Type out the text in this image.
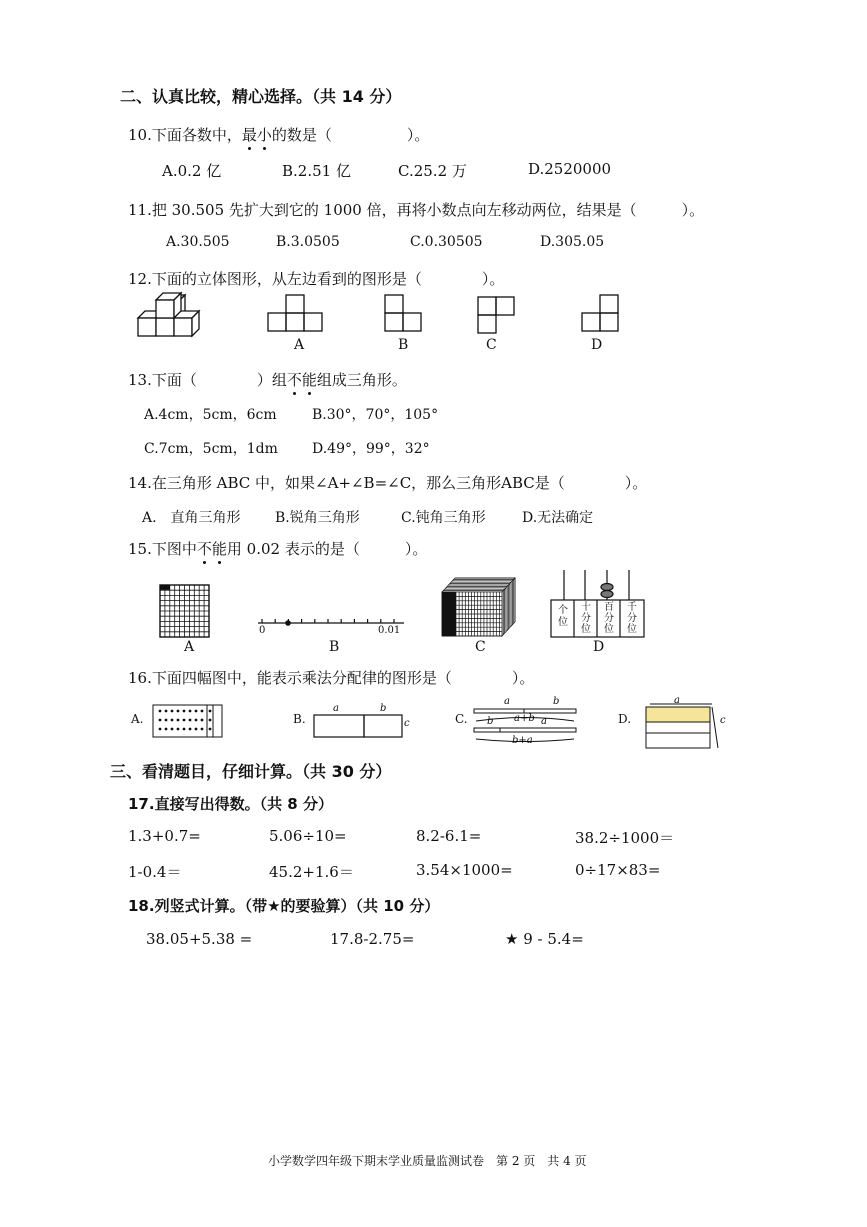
二、认真比较，精心选择。（共 14 分）
10.下面各数中，最小的数是（　　　　　）。
A.0.2 亿	B.2.51 亿	C.25.2 万	D.2520000
11.把 30.505 先扩大到它的 1000 倍，再将小数点向左移动两位，结果是（　　　）。
A.30.505	B.3.0505	C.0.30505	D.305.05
12.下面的立体图形，从左边看到的图形是（　　　　）。
A	B	C	D
13.下面（　　　　）组不能组成三角形。
A.4cm，5cm，6cm	B.30°，70°，105°
C.7cm，5cm，1dm D.49°，99°，32°
14.在三角形 ABC 中，如果∠A+∠B=∠C，那么三角形ABC是（　　　　）。
A.　直角三角形 B.锐角三角形	C.钝角三角形	D.无法确定
15.下图中不能用 0.02 表示的是（　　　）。
个位
十分位
百分位
千分位
0	0.01
A	B	C	D
16.下面四幅图中，能表示乘法分配律的图形是（　　　　）。
A.	B.	C.	D.
a	b
c
a	b
a+b
b	a
b+a
a
c
三、看清题目，仔细计算。（共 30 分）
17.直接写出得数。（共 8 分）
1.3+0.7=	5.06÷10=	8.2-6.1=	38.2÷1000＝
1-0.4＝	45.2+1.6＝	3.54×1000=	0÷17×83=
18.列竖式计算。（带★的要验算）（共 10 分）
38.05+5.38 =	17.8-2.75=	★ 9 - 5.4=
小学数学四年级下期末学业质量监测试卷　第 2 页　共 4 页
